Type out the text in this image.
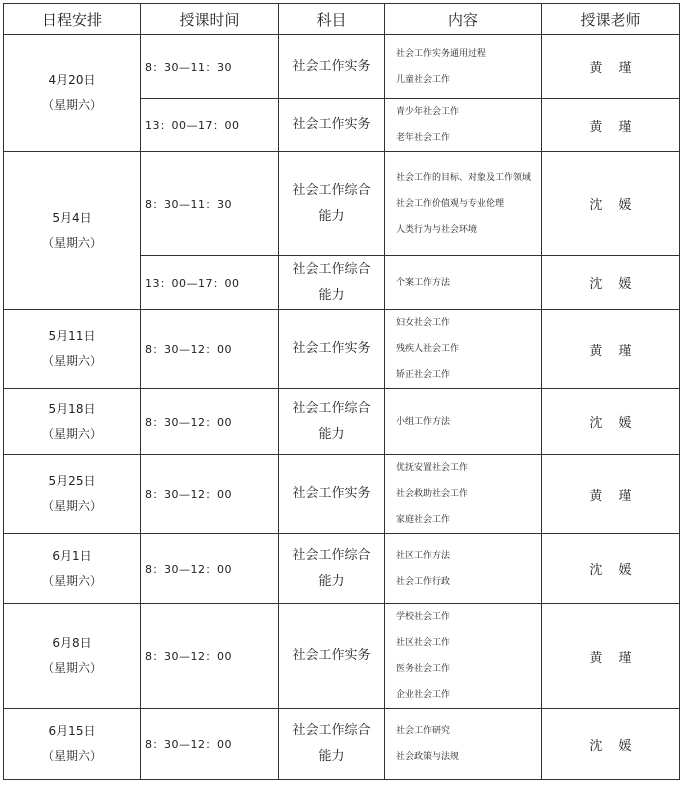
日程安排	授课时间	科目	内容	授课老师

4月20日
（星期六）	8：30—11：30	社会工作实务	社会工作实务通用过程
儿童社会工作	黄 瑾
	13：00—17：00	社会工作实务	青少年社会工作
老年社会工作	黄 瑾

5月4日
（星期六）	8：30—11：30	社会工作综合能力	社会工作的目标、对象及工作领域
社会工作价值观与专业伦理
人类行为与社会环境	沈 媛
	13：00—17：00	社会工作综合能力	个案工作方法	沈 媛

5月11日
（星期六）	8：30—12：00	社会工作实务	妇女社会工作
残疾人社会工作
矫正社会工作	黄 瑾

5月18日
（星期六）	8：30—12：00	社会工作综合能力	小组工作方法	沈 媛

5月25日
（星期六）	8：30—12：00	社会工作实务	优抚安置社会工作
社会救助社会工作
家庭社会工作	黄 瑾

6月1日
（星期六）	8：30—12：00	社会工作综合能力	社区工作方法
社会工作行政	沈 媛

6月8日
（星期六）	8：30—12：00	社会工作实务	学校社会工作
社区社会工作
医务社会工作
企业社会工作	黄 瑾

6月15日
（星期六）	8：30—12：00	社会工作综合能力	社会工作研究
社会政策与法规	沈 媛
